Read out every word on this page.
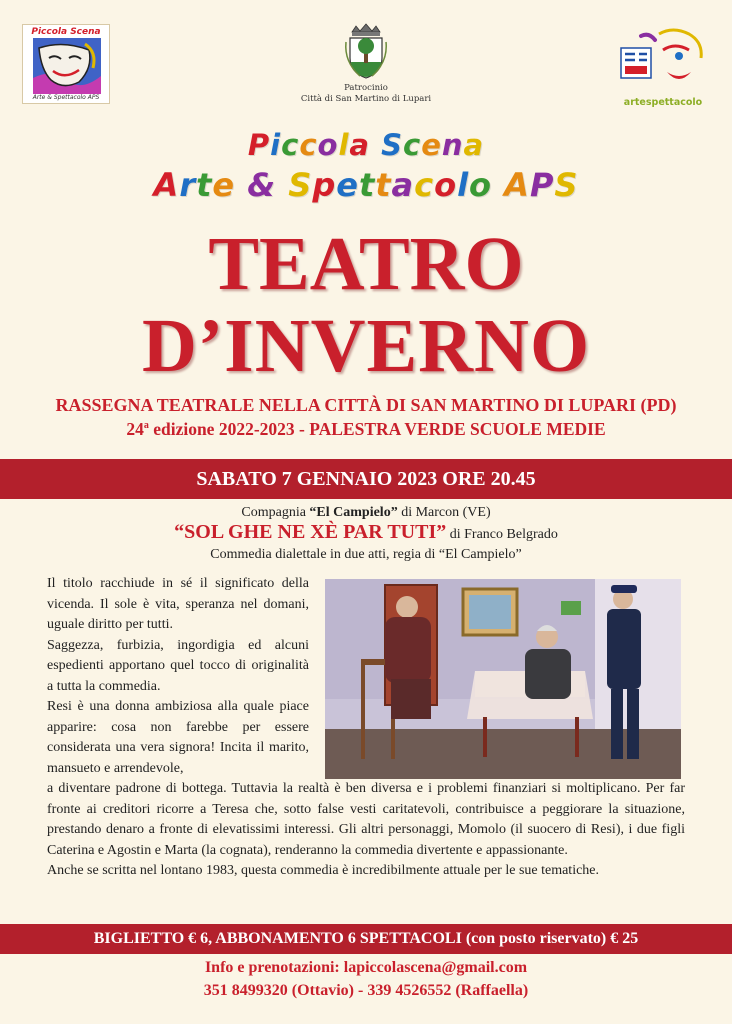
Piccola Scena
Arte & Spettacolo APS
Patrocinio
Città di San Martino di Lupari	artespettacolo
Piccola Scena
Arte & Spettacolo APS
TEATRO
D’INVERNO
RASSEGNA TEATRALE NELLA CITTÀ DI SAN MARTINO DI LUPARI (PD)
24$^a$ edizione 2022-2023 - PALESTRA VERDE SCUOLE MEDIE
SABATO 7 GENNAIO 2023 ORE 20.45
Compagnia “El Campielo” di Marcon (VE)
“SOL GHE NE XÈ PAR TUTI” di Franco Belgrado
Commedia dialettale in due atti, regia di “El Campielo”

Il titolo racchiude in sé il significato della vicenda. Il sole è vita, speranza nel domani, uguale diritto per tutti.

Saggezza, furbizia, ingordigia ed alcuni espedienti apportano quel tocco di originalità a tutta la commedia.

Resi è una donna ambiziosa alla quale piace apparire: cosa non farebbe per essere considerata una vera signora! Incita il marito, mansueto e arrendevole,

a diventare padrone di bottega. Tuttavia la realtà è ben diversa e i problemi finanziari si moltiplicano. Per far fronte ai creditori ricorre a Teresa che, sotto false vesti caritatevoli, contribuisce a peggiorare la situazione, prestando denaro a fronte di elevatissimi interessi. Gli altri personaggi, Momolo (il suocero di Resi), i due figli Caterina e Agostin e Marta (la cognata), renderanno la commedia divertente e appassionante.

Anche se scritta nel lontano 1983, questa commedia è incredibilmente attuale per le sue tematiche.

BIGLIETTO € 6, ABBONAMENTO 6 SPETTACOLI (con posto riservato) € 25
Info e prenotazioni: lapiccolascena@gmail.com
351 8499320 (Ottavio) - 339 4526552 (Raffaella)
